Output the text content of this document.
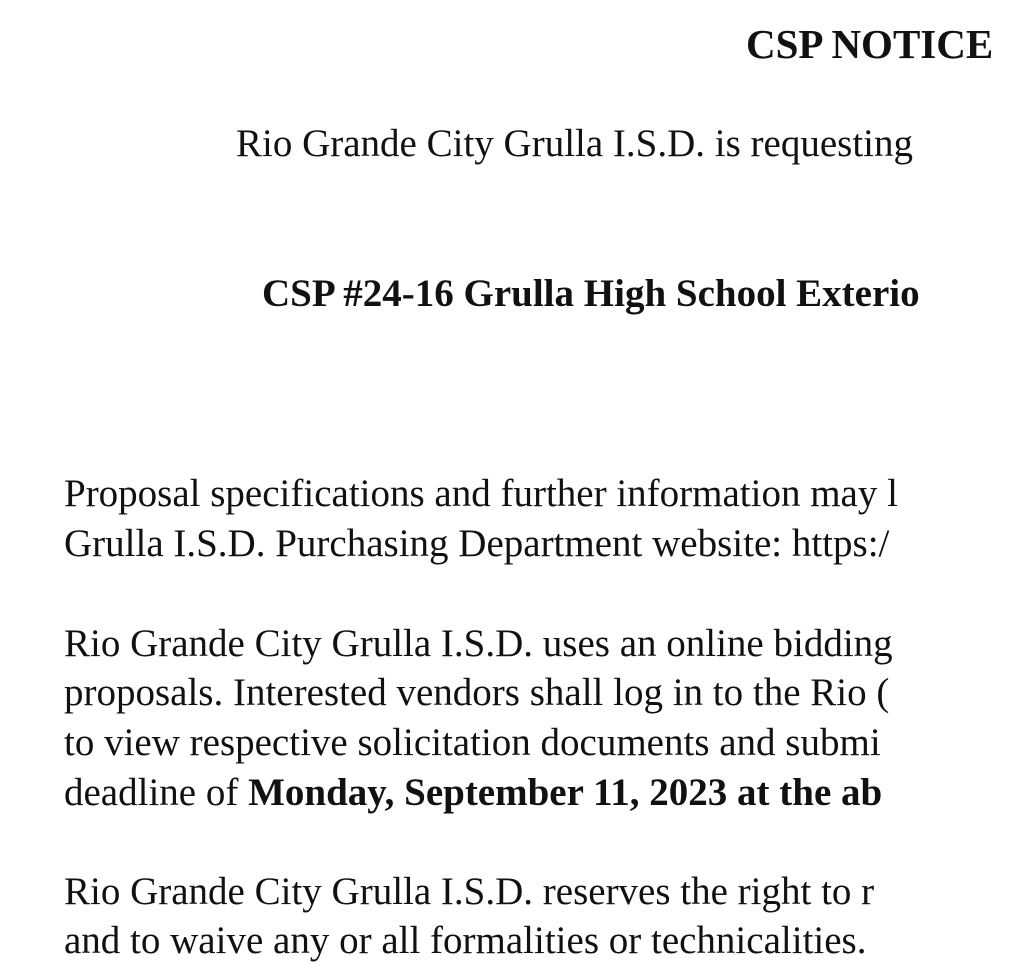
CSP NOTICE
Rio Grande City Grulla I.S.D. is requesting
CSP #24-16 Grulla High School Exterio
Proposal specifications and further information may l
Grulla I.S.D. Purchasing Department website: https:/
Rio Grande City Grulla I.S.D. uses an online bidding
proposals. Interested vendors shall log in to the Rio (
to view respective solicitation documents and submi
deadline of Monday, September 11, 2023 at the ab
Rio Grande City Grulla I.S.D. reserves the right to r
and to waive any or all formalities or technicalities.
